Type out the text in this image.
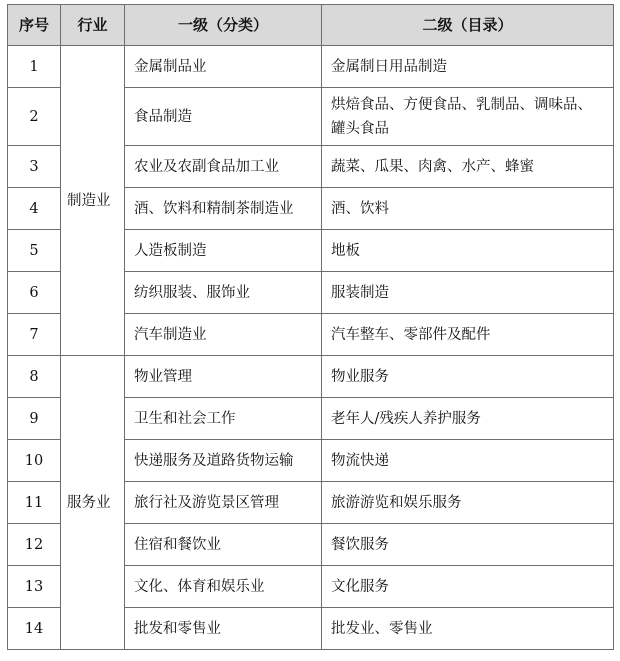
序号	行业	一级（分类）	二级（目录）
1	制造业	金属制品业	金属制日用品制造
2		食品制造	烘焙食品、方便食品、乳制品、调味品、罐头食品
3		农业及农副食品加工业	蔬菜、瓜果、肉禽、水产、蜂蜜
4		酒、饮料和精制茶制造业	酒、饮料
5		人造板制造	地板
6		纺织服装、服饰业	服装制造
7		汽车制造业	汽车整车、零部件及配件
8	服务业	物业管理	物业服务
9		卫生和社会工作	老年人/残疾人养护服务
10		快递服务及道路货物运输	物流快递
11		旅行社及游览景区管理	旅游游览和娱乐服务
12		住宿和餐饮业	餐饮服务
13		文化、体育和娱乐业	文化服务
14		批发和零售业	批发业、零售业
